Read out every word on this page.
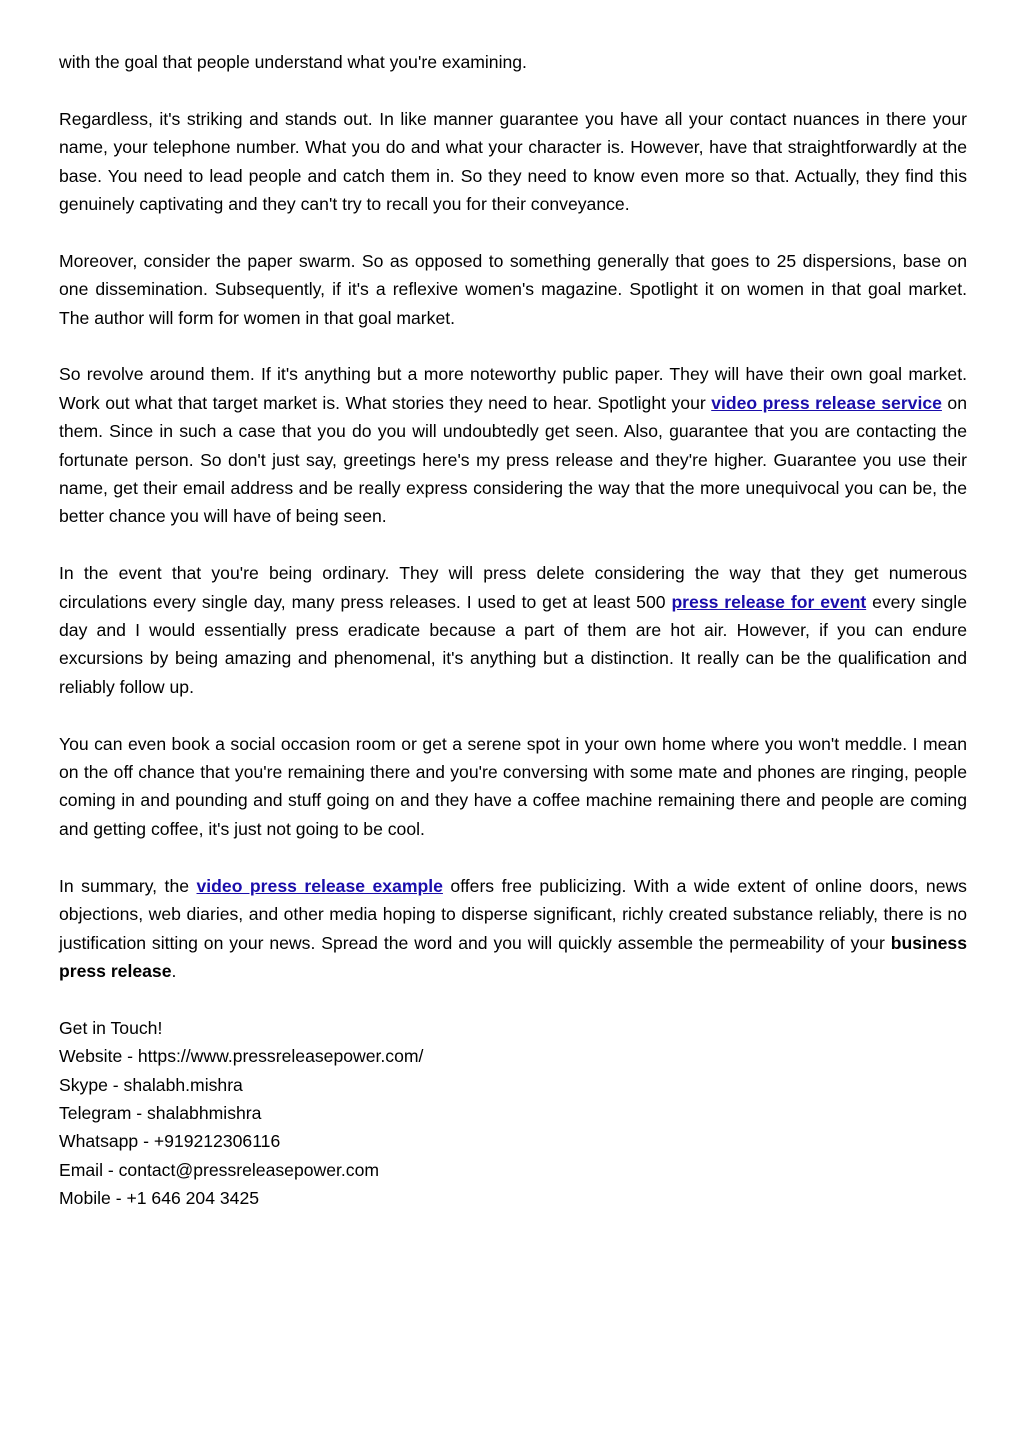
with the goal that people understand what you're examining.

Regardless, it's striking and stands out. In like manner guarantee you have all your contact nuances in there your name, your telephone number. What you do and what your character is. However, have that straightforwardly at the base. You need to lead people and catch them in. So they need to know even more so that. Actually, they find this genuinely captivating and they can't try to recall you for their conveyance.

Moreover, consider the paper swarm. So as opposed to something generally that goes to 25 dispersions, base on one dissemination. Subsequently, if it's a reflexive women's magazine. Spotlight it on women in that goal market. The author will form for women in that goal market.

So revolve around them. If it's anything but a more noteworthy public paper. They will have their own goal market. Work out what that target market is. What stories they need to hear. Spotlight your video press release service on them. Since in such a case that you do you will undoubtedly get seen. Also, guarantee that you are contacting the fortunate person. So don't just say, greetings here's my press release and they're higher. Guarantee you use their name, get their email address and be really express considering the way that the more unequivocal you can be, the better chance you will have of being seen.

In the event that you're being ordinary. They will press delete considering the way that they get numerous circulations every single day, many press releases. I used to get at least 500 press release for event every single day and I would essentially press eradicate because a part of them are hot air. However, if you can endure excursions by being amazing and phenomenal, it's anything but a distinction. It really can be the qualification and reliably follow up.

You can even book a social occasion room or get a serene spot in your own home where you won't meddle. I mean on the off chance that you're remaining there and you're conversing with some mate and phones are ringing, people coming in and pounding and stuff going on and they have a coffee machine remaining there and people are coming and getting coffee, it's just not going to be cool.

In summary, the video press release example offers free publicizing. With a wide extent of online doors, news objections, web diaries, and other media hoping to disperse significant, richly created substance reliably, there is no justification sitting on your news. Spread the word and you will quickly assemble the permeability of your business press release.

Get in Touch!
Website - https://www.pressreleasepower.com/
Skype - shalabh.mishra
Telegram - shalabhmishra
Whatsapp - +919212306116
Email - contact@pressreleasepower.com
Mobile - +1 646 204 3425
